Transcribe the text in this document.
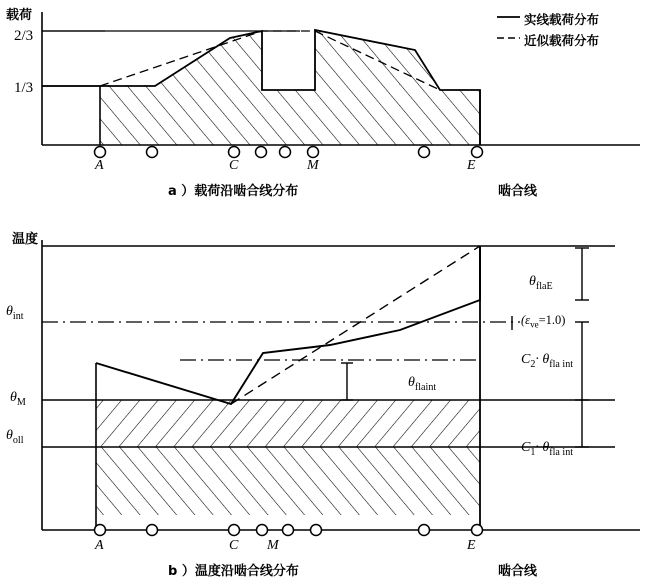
载荷
2/3
1/3
A	C	M	E
实线载荷分布
近似载荷分布
a ）载荷沿啮合线分布	啮合线
温度
$\theta_{int}$
$\theta_M$
$\theta_{oll}$
A	C M	E
$\theta_{flaE}$
$(\varepsilon_{ve}=1.0)$
$C_2\cdot \theta_{fla int}$
$C_1\cdot \theta_{fla int}$
$\theta_{flaint}$
b ）温度沿啮合线分布	啮合线
